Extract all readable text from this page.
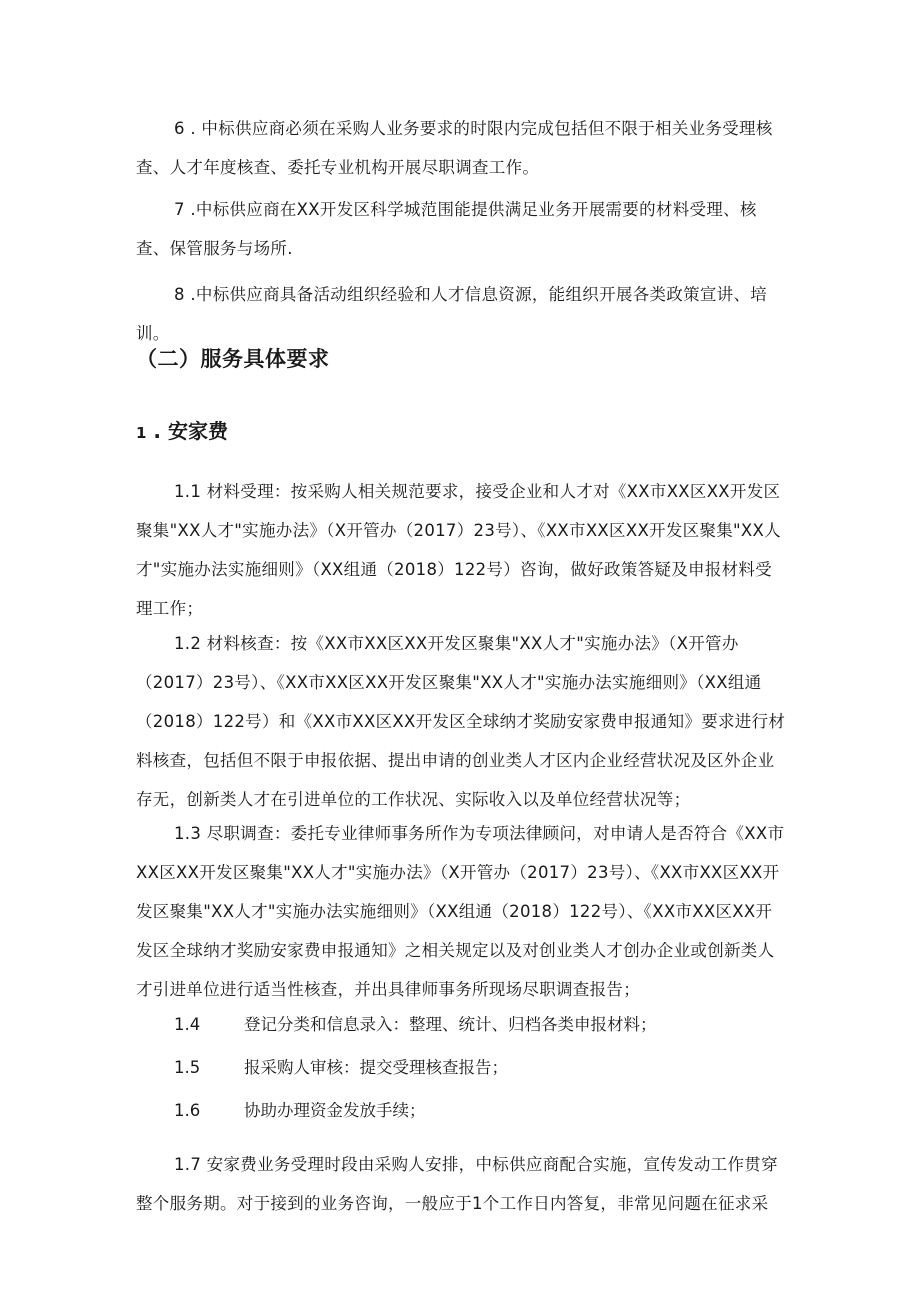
6 . 中标供应商必须在采购人业务要求的时限内完成包括但不限于相关业务受理核查、人才年度核查、委托专业机构开展尽职调查工作。

7 .中标供应商在XX开发区科学城范围能提供满足业务开展需要的材料受理、核查、保管服务与场所.

8 .中标供应商具备活动组织经验和人才信息资源，能组织开展各类政策宣讲、培训。

（二）服务具体要求
1 . 安家费

1.1 材料受理：按采购人相关规范要求，接受企业和人才对《XX市XX区XX开发区聚集"XX人才"实施办法》（X开管办（2017）23号）、《XX市XX区XX开发区聚集"XX人才"实施办法实施细则》（XX组通（2018）122号）咨询，做好政策答疑及申报材料受理工作；

1.2 材料核查：按《XX市XX区XX开发区聚集"XX人才"实施办法》（X开管办（2017）23号）、《XX市XX区XX开发区聚集"XX人才"实施办法实施细则》（XX组通（2018）122号）和《XX市XX区XX开发区全球纳才奖励安家费申报通知》要求进行材料核查，包括但不限于申报依据、提出申请的创业类人才区内企业经营状况及区外企业存无，创新类人才在引进单位的工作状况、实际收入以及单位经营状况等；

1.3 尽职调查：委托专业律师事务所作为专项法律顾问，对申请人是否符合《XX市XX区XX开发区聚集"XX人才"实施办法》（X开管办（2017）23号）、《XX市XX区XX开发区聚集"XX人才"实施办法实施细则》（XX组通（2018）122号）、《XX市XX区XX开发区全球纳才奖励安家费申报通知》之相关规定以及对创业类人才创办企业或创新类人才引进单位进行适当性核查，并出具律师事务所现场尽职调查报告；

1.4	登记分类和信息录入：整理、统计、归档各类申报材料；

1.5	报采购人审核：提交受理核查报告；

1.6	协助办理资金发放手续；

1.7 安家费业务受理时段由采购人安排，中标供应商配合实施，宣传发动工作贯穿整个服务期。对于接到的业务咨询，一般应于1个工作日内答复，非常见问题在征求采
